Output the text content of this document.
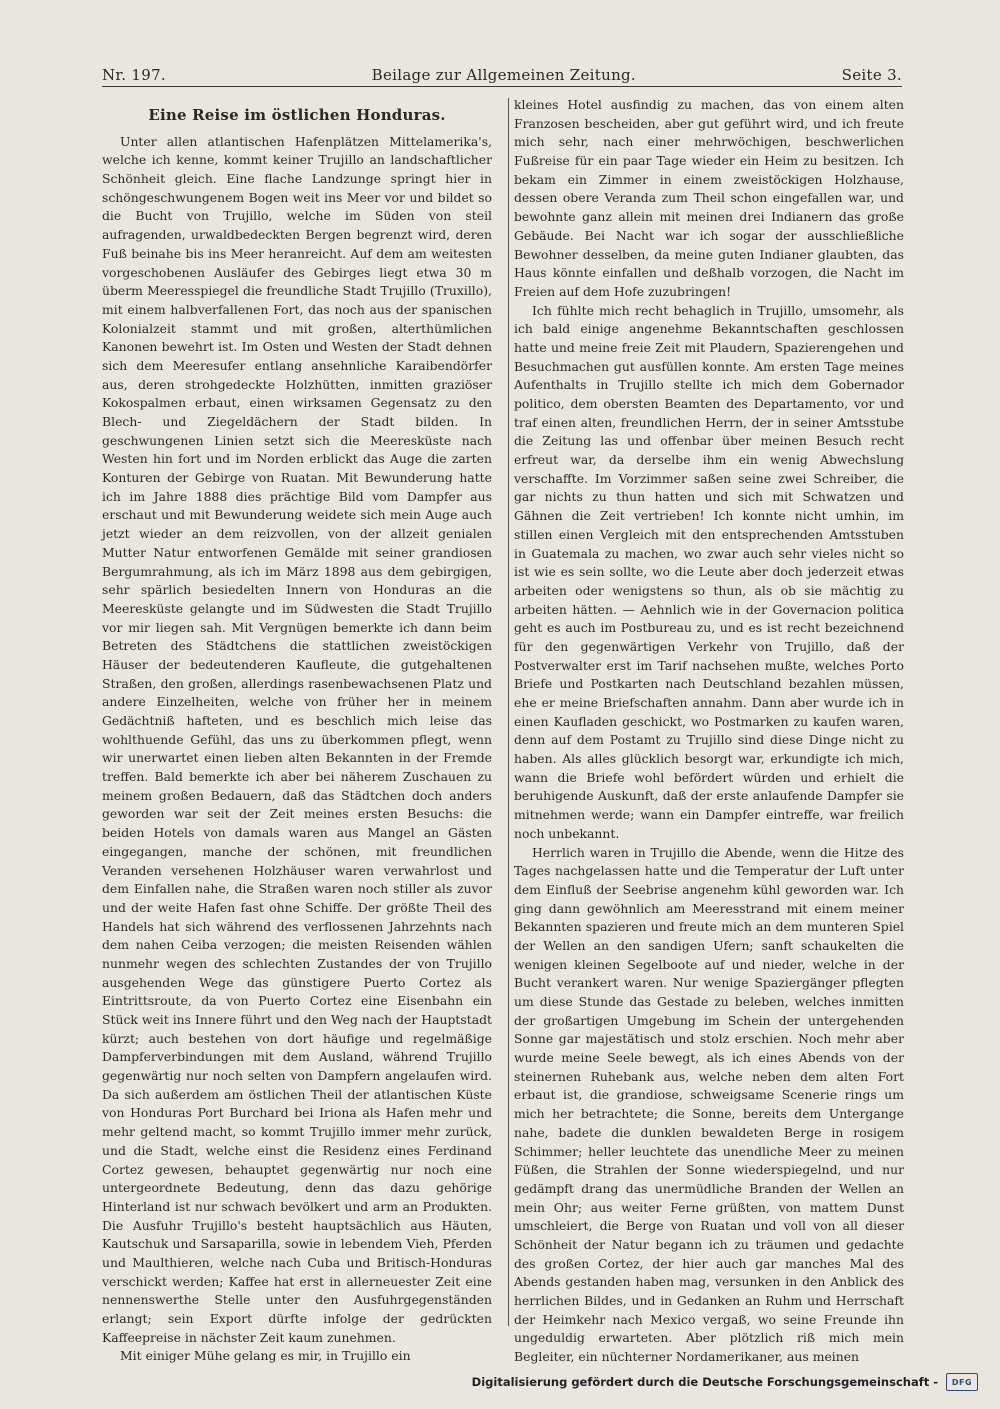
Nr. 197.	Beilage zur Allgemeinen Zeitung.	Seite 3.
Eine Reise im östlichen Honduras.

Unter allen atlantischen Hafenplätzen Mittelamerika's, welche ich kenne, kommt keiner Trujillo an landschaftlicher Schönheit gleich. Eine flache Landzunge springt hier in schöngeschwungenem Bogen weit ins Meer vor und bildet so die Bucht von Trujillo, welche im Süden von steil aufragenden, urwaldbedeckten Bergen begrenzt wird, deren Fuß beinahe bis ins Meer heranreicht. Auf dem am weitesten vorgeschobenen Ausläufer des Gebirges liegt etwa 30 m überm Meeresspiegel die freundliche Stadt Trujillo (Truxillo), mit einem halbverfallenen Fort, das noch aus der spanischen Kolonialzeit stammt und mit großen, alterthümlichen Kanonen bewehrt ist. Im Osten und Westen der Stadt dehnen sich dem Meeresufer entlang ansehnliche Karaibendörfer aus, deren strohgedeckte Holzhütten, inmitten graziöser Kokospalmen erbaut, einen wirksamen Gegensatz zu den Blech- und Ziegeldächern der Stadt bilden. In geschwungenen Linien setzt sich die Meeresküste nach Westen hin fort und im Norden erblickt das Auge die zarten Konturen der Gebirge von Ruatan. Mit Bewunderung hatte ich im Jahre 1888 dies prächtige Bild vom Dampfer aus erschaut und mit Bewunderung weidete sich mein Auge auch jetzt wieder an dem reizvollen, von der allzeit genialen Mutter Natur entworfenen Gemälde mit seiner grandiosen Bergumrahmung, als ich im März 1898 aus dem gebirgigen, sehr spärlich besiedelten Innern von Honduras an die Meeresküste gelangte und im Südwesten die Stadt Trujillo vor mir liegen sah. Mit Vergnügen bemerkte ich dann beim Betreten des Städtchens die stattlichen zweistöckigen Häuser der bedeutenderen Kaufleute, die gutgehaltenen Straßen, den großen, allerdings rasenbewachsenen Platz und andere Einzelheiten, welche von früher her in meinem Gedächtniß hafteten, und es beschlich mich leise das wohlthuende Gefühl, das uns zu überkommen pflegt, wenn wir unerwartet einen lieben alten Bekannten in der Fremde treffen. Bald bemerkte ich aber bei näherem Zuschauen zu meinem großen Bedauern, daß das Städtchen doch anders geworden war seit der Zeit meines ersten Besuchs: die beiden Hotels von damals waren aus Mangel an Gästen eingegangen, manche der schönen, mit freundlichen Veranden versehenen Holzhäuser waren verwahrlost und dem Einfallen nahe, die Straßen waren noch stiller als zuvor und der weite Hafen fast ohne Schiffe. Der größte Theil des Handels hat sich während des verflossenen Jahrzehnts nach dem nahen Ceiba verzogen; die meisten Reisenden wählen nunmehr wegen des schlechten Zustandes der von Trujillo ausgehenden Wege das günstigere Puerto Cortez als Eintrittsroute, da von Puerto Cortez eine Eisenbahn ein Stück weit ins Innere führt und den Weg nach der Hauptstadt kürzt; auch bestehen von dort häufige und regelmäßige Dampferverbindungen mit dem Ausland, während Trujillo gegenwärtig nur noch selten von Dampfern angelaufen wird. Da sich außerdem am östlichen Theil der atlantischen Küste von Honduras Port Burchard bei Iriona als Hafen mehr und mehr geltend macht, so kommt Trujillo immer mehr zurück, und die Stadt, welche einst die Residenz eines Ferdinand Cortez gewesen, behauptet gegenwärtig nur noch eine untergeordnete Bedeutung, denn das dazu gehörige Hinterland ist nur schwach bevölkert und arm an Produkten. Die Ausfuhr Trujillo's besteht hauptsächlich aus Häuten, Kautschuk und Sarsaparilla, sowie in lebendem Vieh, Pferden und Maulthieren, welche nach Cuba und Britisch-Honduras verschickt werden; Kaffee hat erst in allerneuester Zeit eine nennenswerthe Stelle unter den Ausfuhrgegenständen erlangt; sein Export dürfte infolge der gedrückten Kaffeepreise in nächster Zeit kaum zunehmen.

Mit einiger Mühe gelang es mir, in Trujillo ein

kleines Hotel ausfindig zu machen, das von einem alten Franzosen bescheiden, aber gut geführt wird, und ich freute mich sehr, nach einer mehrwöchigen, beschwerlichen Fußreise für ein paar Tage wieder ein Heim zu besitzen. Ich bekam ein Zimmer in einem zweistöckigen Holzhause, dessen obere Veranda zum Theil schon eingefallen war, und bewohnte ganz allein mit meinen drei Indianern das große Gebäude. Bei Nacht war ich sogar der ausschließliche Bewohner desselben, da meine guten Indianer glaubten, das Haus könnte einfallen und deßhalb vorzogen, die Nacht im Freien auf dem Hofe zuzubringen!

Ich fühlte mich recht behaglich in Trujillo, umsomehr, als ich bald einige angenehme Bekanntschaften geschlossen hatte und meine freie Zeit mit Plaudern, Spazierengehen und Besuchmachen gut ausfüllen konnte. Am ersten Tage meines Aufenthalts in Trujillo stellte ich mich dem Gobernador politico, dem obersten Beamten des Departamento, vor und traf einen alten, freundlichen Herrn, der in seiner Amtsstube die Zeitung las und offenbar über meinen Besuch recht erfreut war, da derselbe ihm ein wenig Abwechslung verschaffte. Im Vorzimmer saßen seine zwei Schreiber, die gar nichts zu thun hatten und sich mit Schwatzen und Gähnen die Zeit vertrieben! Ich konnte nicht umhin, im stillen einen Vergleich mit den entsprechenden Amtsstuben in Guatemala zu machen, wo zwar auch sehr vieles nicht so ist wie es sein sollte, wo die Leute aber doch jederzeit etwas arbeiten oder wenigstens so thun, als ob sie mächtig zu arbeiten hätten. — Aehnlich wie in der Governacion politica geht es auch im Postbureau zu, und es ist recht bezeichnend für den gegenwärtigen Verkehr von Trujillo, daß der Postverwalter erst im Tarif nachsehen mußte, welches Porto Briefe und Postkarten nach Deutschland bezahlen müssen, ehe er meine Briefschaften annahm. Dann aber wurde ich in einen Kaufladen geschickt, wo Postmarken zu kaufen waren, denn auf dem Postamt zu Trujillo sind diese Dinge nicht zu haben. Als alles glücklich besorgt war, erkundigte ich mich, wann die Briefe wohl befördert würden und erhielt die beruhigende Auskunft, daß der erste anlaufende Dampfer sie mitnehmen werde; wann ein Dampfer eintreffe, war freilich noch unbekannt.

Herrlich waren in Trujillo die Abende, wenn die Hitze des Tages nachgelassen hatte und die Temperatur der Luft unter dem Einfluß der Seebrise angenehm kühl geworden war. Ich ging dann gewöhnlich am Meeresstrand mit einem meiner Bekannten spazieren und freute mich an dem munteren Spiel der Wellen an den sandigen Ufern; sanft schaukelten die wenigen kleinen Segelboote auf und nieder, welche in der Bucht verankert waren. Nur wenige Spaziergänger pflegten um diese Stunde das Gestade zu beleben, welches inmitten der großartigen Umgebung im Schein der untergehenden Sonne gar majestätisch und stolz erschien. Noch mehr aber wurde meine Seele bewegt, als ich eines Abends von der steinernen Ruhebank aus, welche neben dem alten Fort erbaut ist, die grandiose, schweigsame Scenerie rings um mich her betrachtete; die Sonne, bereits dem Untergange nahe, badete die dunklen bewaldeten Berge in rosigem Schimmer; heller leuchtete das unendliche Meer zu meinen Füßen, die Strahlen der Sonne wiederspiegelnd, und nur gedämpft drang das unermüdliche Branden der Wellen an mein Ohr; aus weiter Ferne grüßten, von mattem Dunst umschleiert, die Berge von Ruatan und voll von all dieser Schönheit der Natur begann ich zu träumen und gedachte des großen Cortez, der hier auch gar manches Mal des Abends gestanden haben mag, versunken in den Anblick des herrlichen Bildes, und in Gedanken an Ruhm und Herrschaft der Heimkehr nach Mexico vergaß, wo seine Freunde ihn ungeduldig erwarteten. Aber plötzlich riß mich mein Begleiter, ein nüchterner Nordamerikaner, aus meinen

Digitalisierung gefördert durch die Deutsche Forschungsgemeinschaft -	DFG
